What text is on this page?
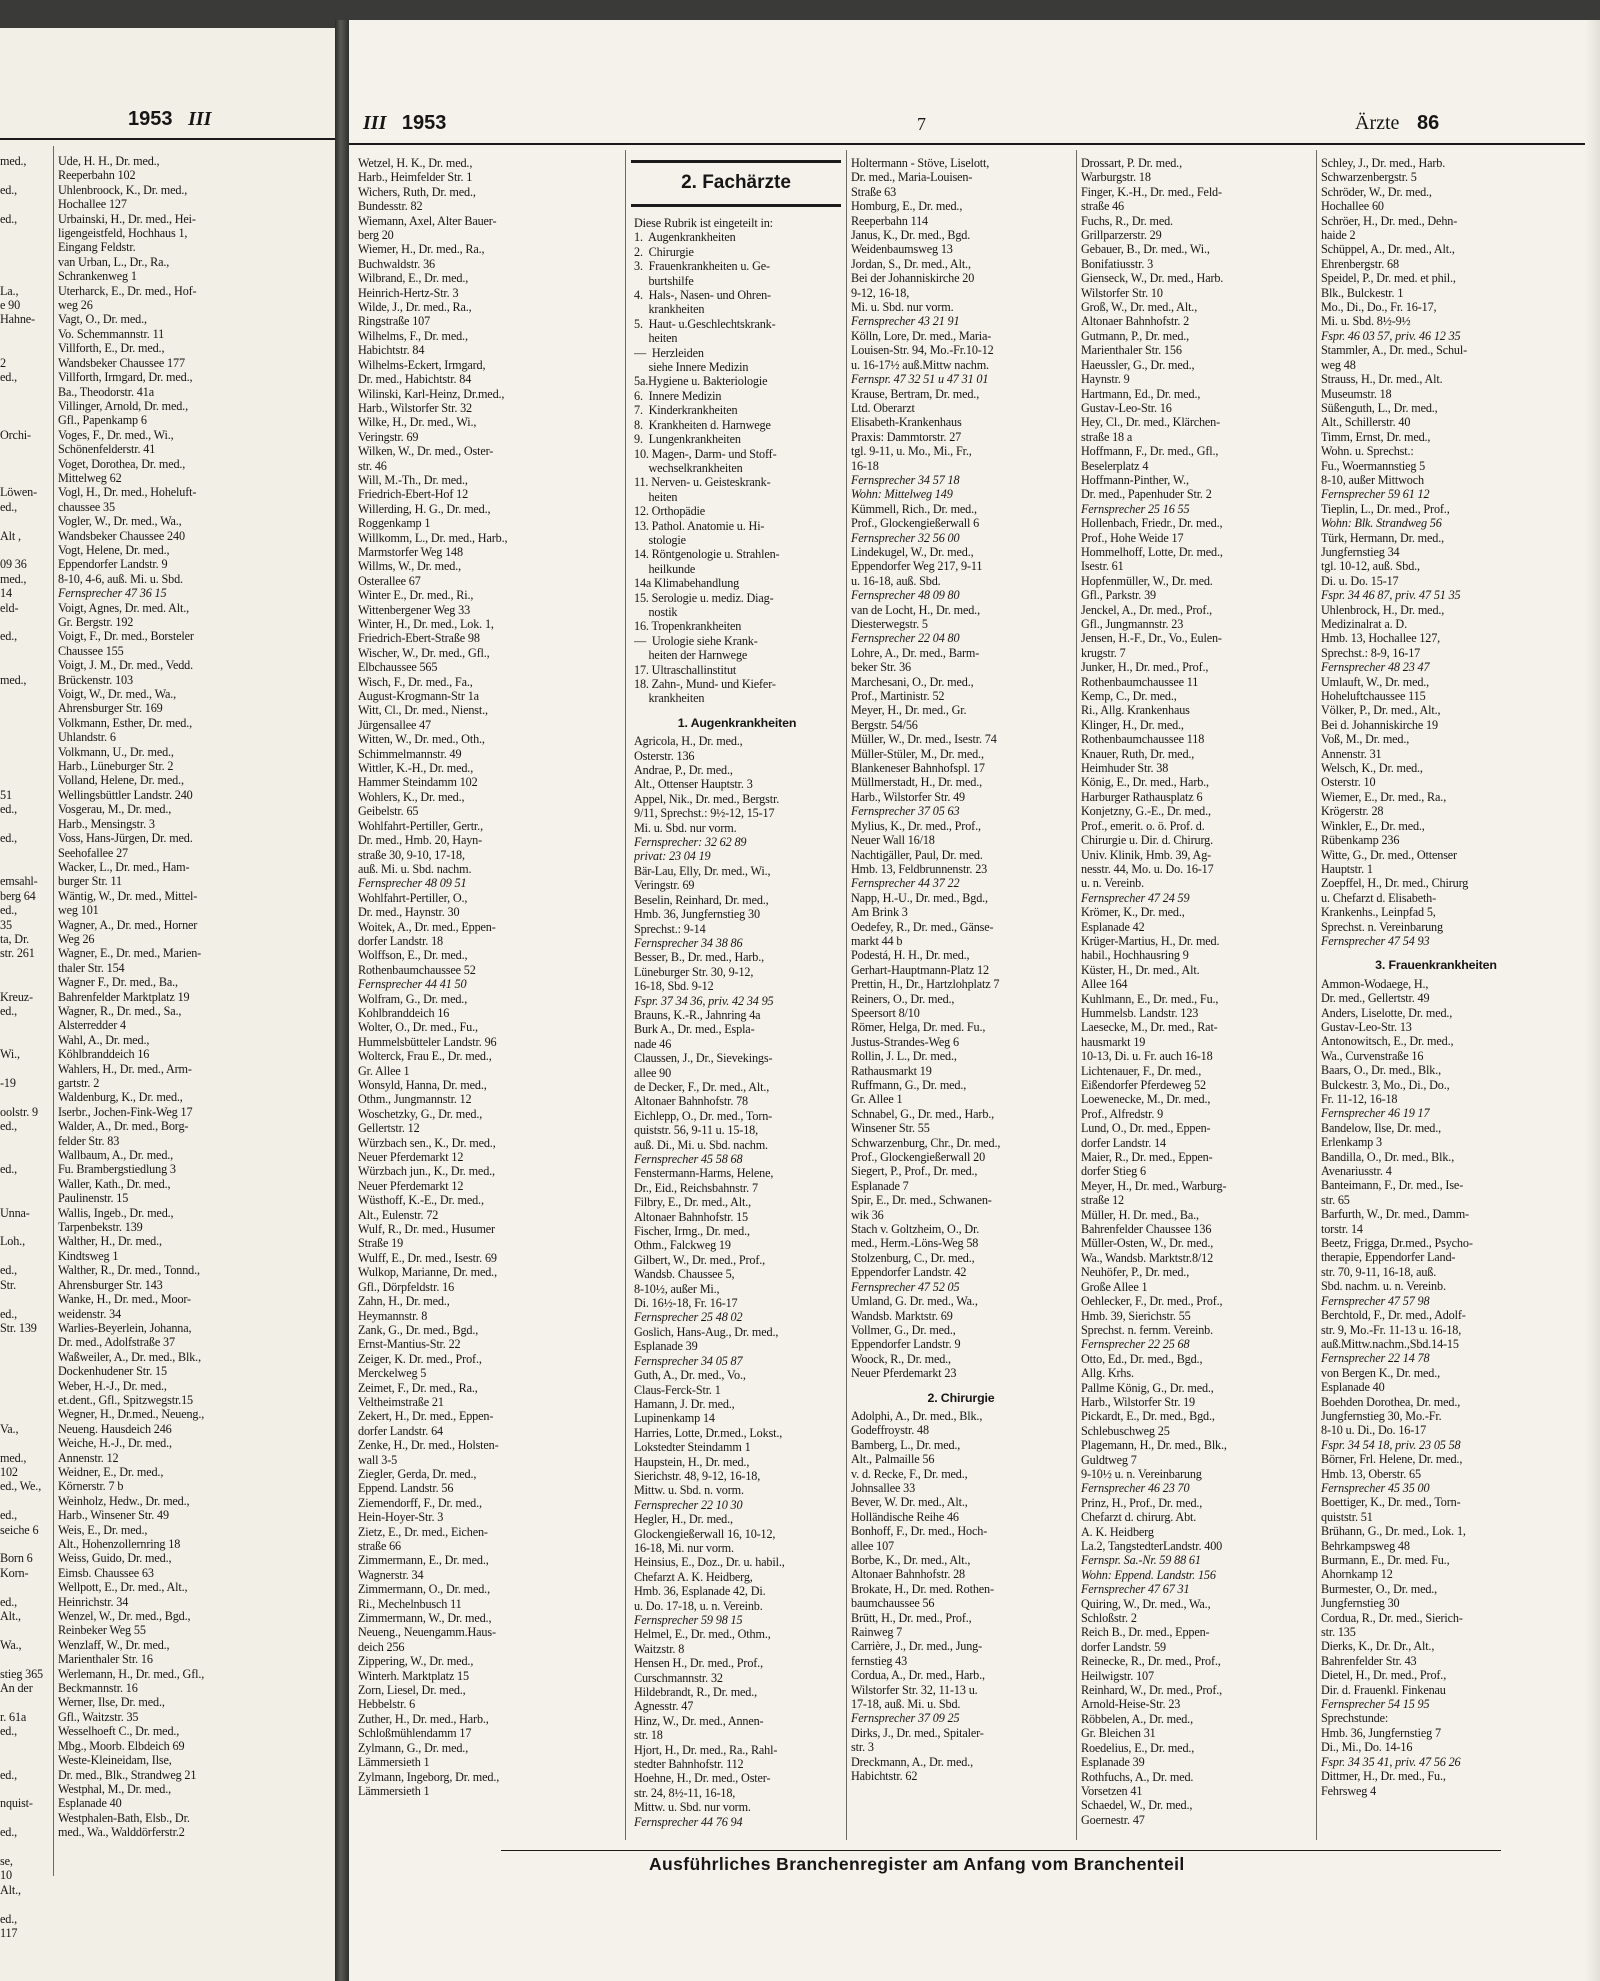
1953 III
med.,

ed.,

ed.,

La.,
e 90
Hahne-

2
ed.,

Orchi-

Löwen-
ed.,

Alt ,

09 36
med.,
14
eld-

ed.,

med.,

51
ed.,

ed.,

emsahl-
berg 64
ed.,
35
ta, Dr.
str. 261

Kreuz-
ed.,

Wi.,

-19

oolstr. 9
ed.,

ed.,

Unna-

Loh.,

ed.,
Str.

ed.,
Str. 139

Va.,

med.,
102
ed., We.,

ed.,
seiche 6

Born 6
Korn-

ed.,
Alt.,

Wa.,

stieg 365
An der

r. 61a
ed.,

ed.,

nquist-

ed.,

se,
10
Alt.,

ed.,
117
Ude, H. H., Dr. med.,
Reeperbahn 102
Uhlenbroock, K., Dr. med.,
Hochallee 127
Urbainski, H., Dr. med., Hei-
ligengeistfeld, Hochhaus 1,
Eingang Feldstr.
van Urban, L., Dr., Ra.,
Schrankenweg 1
Uterharck, E., Dr. med., Hof-
weg 26
Vagt, O., Dr. med.,
Vo. Schemmannstr. 11
Villforth, E., Dr. med.,
Wandsbeker Chaussee 177
Villforth, Irmgard, Dr. med.,
Ba., Theodorstr. 41a
Villinger, Arnold, Dr. med.,
Gfl., Papenkamp 6
Voges, F., Dr. med., Wi.,
Schönenfelderstr. 41
Voget, Dorothea, Dr. med.,
Mittelweg 62
Vogl, H., Dr. med., Hoheluft-
chaussee 35
Vogler, W., Dr. med., Wa.,
Wandsbeker Chaussee 240
Vogt, Helene, Dr. med.,
Eppendorfer Landstr. 9
8-10, 4-6, auß. Mi. u. Sbd.
Fernsprecher 47 36 15
Voigt, Agnes, Dr. med. Alt.,
Gr. Bergstr. 192
Voigt, F., Dr. med., Borsteler
Chaussee 155
Voigt, J. M., Dr. med., Vedd.
Brückenstr. 103
Voigt, W., Dr. med., Wa.,
Ahrensburger Str. 169
Volkmann, Esther, Dr. med.,
Uhlandstr. 6
Volkmann, U., Dr. med.,
Harb., Lüneburger Str. 2
Volland, Helene, Dr. med.,
Wellingsbüttler Landstr. 240
Vosgerau, M., Dr. med.,
Harb., Mensingstr. 3
Voss, Hans-Jürgen, Dr. med.
Seehofallee 27
Wacker, L., Dr. med., Ham-
burger Str. 11
Wäntig, W., Dr. med., Mittel-
weg 101
Wagner, A., Dr. med., Horner
Weg 26
Wagner, E., Dr. med., Marien-
thaler Str. 154
Wagner F., Dr. med., Ba.,
Bahrenfelder Marktplatz 19
Wagner, R., Dr. med., Sa.,
Alsterredder 4
Wahl, A., Dr. med.,
Köhlbranddeich 16
Wahlers, H., Dr. med., Arm-
gartstr. 2
Waldenburg, K., Dr. med.,
Iserbr., Jochen-Fink-Weg 17
Walder, A., Dr. med., Borg-
felder Str. 83
Wallbaum, A., Dr. med.,
Fu. Brambergstiedlung 3
Waller, Kath., Dr. med.,
Paulinenstr. 15
Wallis, Ingeb., Dr. med.,
Tarpenbekstr. 139
Walther, H., Dr. med.,
Kindtsweg 1
Walther, R., Dr. med., Tonnd.,
Ahrensburger Str. 143
Wanke, H., Dr. med., Moor-
weidenstr. 34
Warlies-Beyerlein, Johanna,
Dr. med., Adolfstraße 37
Waßweiler, A., Dr. med., Blk.,
Dockenhudener Str. 15
Weber, H.-J., Dr. med.,
et.dent., Gfl., Spitzwegstr.15
Wegner, H., Dr.med., Neueng.,
Neueng. Hausdeich 246
Weiche, H.-J., Dr. med.,
Annenstr. 12
Weidner, E., Dr. med.,
Körnerstr. 7 b
Weinholz, Hedw., Dr. med.,
Harb., Winsener Str. 49
Weis, E., Dr. med.,
Alt., Hohenzollernring 18
Weiss, Guido, Dr. med.,
Eimsb. Chaussee 63
Wellpott, E., Dr. med., Alt.,
Heinrichstr. 34
Wenzel, W., Dr. med., Bgd.,
Reinbeker Weg 55
Wenzlaff, W., Dr. med.,
Marienthaler Str. 16
Werlemann, H., Dr. med., Gfl.,
Beckmannstr. 16
Werner, Ilse, Dr. med.,
Gfl., Waitzstr. 35
Wesselhoeft C., Dr. med.,
Mbg., Moorb. Elbdeich 69
Weste-Kleineidam, Ilse,
Dr. med., Blk., Strandweg 21
Westphal, M., Dr. med.,
Esplanade 40
Westphalen-Bath, Elsb., Dr.
med., Wa., Walddörferstr.2
III 1953	7	Ärzte 86
Wetzel, H. K., Dr. med.,
Harb., Heimfelder Str. 1
Wichers, Ruth, Dr. med.,
Bundesstr. 82
Wiemann, Axel, Alter Bauer-
berg 20
Wiemer, H., Dr. med., Ra.,
Buchwaldstr. 36
Wilbrand, E., Dr. med.,
Heinrich-Hertz-Str. 3
Wilde, J., Dr. med., Ra.,
Ringstraße 107
Wilhelms, F., Dr. med.,
Habichtstr. 84
Wilhelms-Eckert, Irmgard,
Dr. med., Habichtstr. 84
Wilinski, Karl-Heinz, Dr.med.,
Harb., Wilstorfer Str. 32
Wilke, H., Dr. med., Wi.,
Veringstr. 69
Wilken, W., Dr. med., Oster-
str. 46
Will, M.-Th., Dr. med.,
Friedrich-Ebert-Hof 12
Willerding, H. G., Dr. med.,
Roggenkamp 1
Willkomm, L., Dr. med., Harb.,
Marmstorfer Weg 148
Willms, W., Dr. med.,
Osterallee 67
Winter E., Dr. med., Ri.,
Wittenbergener Weg 33
Winter, H., Dr. med., Lok. 1,
Friedrich-Ebert-Straße 98
Wischer, W., Dr. med., Gfl.,
Elbchaussee 565
Wisch, F., Dr. med., Fa.,
August-Krogmann-Str 1a
Witt, Cl., Dr. med., Nienst.,
Jürgensallee 47
Witten, W., Dr. med., Oth.,
Schimmelmannstr. 49
Wittler, K.-H., Dr. med.,
Hammer Steindamm 102
Wohlers, K., Dr. med.,
Geibelstr. 65
Wohlfahrt-Pertiller, Gertr.,
Dr. med., Hmb. 20, Hayn-
straße 30, 9-10, 17-18,
auß. Mi. u. Sbd. nachm.
Fernsprecher 48 09 51
Wohlfahrt-Pertiller, O.,
Dr. med., Haynstr. 30
Woitek, A., Dr. med., Eppen-
dorfer Landstr. 18
Wolffson, E., Dr. med.,
Rothenbaumchaussee 52
Fernsprecher 44 41 50
Wolfram, G., Dr. med.,
Kohlbranddeich 16
Wolter, O., Dr. med., Fu.,
Hummelsbütteler Landstr. 96
Wolterck, Frau E., Dr. med.,
Gr. Allee 1
Wonsyld, Hanna, Dr. med.,
Othm., Jungmannstr. 12
Woschetzky, G., Dr. med.,
Gellertstr. 12
Würzbach sen., K., Dr. med.,
Neuer Pferdemarkt 12
Würzbach jun., K., Dr. med.,
Neuer Pferdemarkt 12
Wüsthoff, K.-E., Dr. med.,
Alt., Eulenstr. 72
Wulf, R., Dr. med., Husumer
Straße 19
Wulff, E., Dr. med., Isestr. 69
Wulkop, Marianne, Dr. med.,
Gfl., Dörpfeldstr. 16
Zahn, H., Dr. med.,
Heymannstr. 8
Zank, G., Dr. med., Bgd.,
Ernst-Mantius-Str. 22
Zeiger, K. Dr. med., Prof.,
Merckelweg 5
Zeimet, F., Dr. med., Ra.,
Veltheimstraße 21
Zekert, H., Dr. med., Eppen-
dorfer Landstr. 64
Zenke, H., Dr. med., Holsten-
wall 3-5
Ziegler, Gerda, Dr. med.,
Eppend. Landstr. 56
Ziemendorff, F., Dr. med.,
Hein-Hoyer-Str. 3
Zietz, E., Dr. med., Eichen-
straße 66
Zimmermann, E., Dr. med.,
Wagnerstr. 34
Zimmermann, O., Dr. med.,
Ri., Mechelnbusch 11
Zimmermann, W., Dr. med.,
Neueng., Neuengamm.Haus-
deich 256
Zippering, W., Dr. med.,
Winterh. Marktplatz 15
Zorn, Liesel, Dr. med.,
Hebbelstr. 6
Zuther, H., Dr. med., Harb.,
Schloßmühlendamm 17
Zylmann, G., Dr. med.,
Lämmersieth 1
Zylmann, Ingeborg, Dr. med.,
Lämmersieth 1
2. Fachärzte
Diese Rubrik ist eingeteilt in:
1.  Augenkrankheiten
2.  Chirurgie
3.  Frauenkrankheiten u. Ge-
burtshilfe
4.  Hals-, Nasen- und Ohren-
krankheiten
5.  Haut- u.Geschlechtskrank-
heiten
—  Herzleiden
siehe Innere Medizin
5a.Hygiene u. Bakteriologie
6.  Innere Medizin
7.  Kinderkrankheiten
8.  Krankheiten d. Harnwege
9.  Lungenkrankheiten
10. Magen-, Darm- und Stoff-
wechselkrankheiten
11. Nerven- u. Geisteskrank-
heiten
12. Orthopädie
13. Pathol. Anatomie u. Hi-
stologie
14. Röntgenologie u. Strahlen-
heilkunde
14a Klimabehandlung
15. Serologie u. mediz. Diag-
nostik
16. Tropenkrankheiten
—  Urologie siehe Krank-
heiten der Harnwege
17. Ultraschallinstitut
18. Zahn-, Mund- und Kiefer-
krankheiten
1. Augenkrankheiten
Agricola, H., Dr. med.,
Osterstr. 136
Andrae, P., Dr. med.,
Alt., Ottenser Hauptstr. 3
Appel, Nik., Dr. med., Bergstr.
9/11, Sprechst.: 9½-12, 15-17
Mi. u. Sbd. nur vorm.
Fernsprecher: 32 62 89
privat: 23 04 19
Bär-Lau, Elly, Dr. med., Wi.,
Veringstr. 69
Beselin, Reinhard, Dr. med.,
Hmb. 36, Jungfernstieg 30
Sprechst.: 9-14
Fernsprecher 34 38 86
Besser, B., Dr. med., Harb.,
Lüneburger Str. 30, 9-12,
16-18, Sbd. 9-12
Fspr. 37 34 36, priv. 42 34 95
Brauns, K.-R., Jahnring 4a
Burk A., Dr. med., Espla-
nade 46
Claussen, J., Dr., Sievekings-
allee 90
de Decker, F., Dr. med., Alt.,
Altonaer Bahnhofstr. 78
Eichlepp, O., Dr. med., Torn-
quiststr. 56, 9-11 u. 15-18,
auß. Di., Mi. u. Sbd. nachm.
Fernsprecher 45 58 68
Fenstermann-Harms, Helene,
Dr., Eid., Reichsbahnstr. 7
Filbry, E., Dr. med., Alt.,
Altonaer Bahnhofstr. 15
Fischer, Irmg., Dr. med.,
Othm., Falckweg 19
Gilbert, W., Dr. med., Prof.,
Wandsb. Chaussee 5,
8-10½, außer Mi.,
Di. 16½-18, Fr. 16-17
Fernsprecher 25 48 02
Goslich, Hans-Aug., Dr. med.,
Esplanade 39
Fernsprecher 34 05 87
Guth, A., Dr. med., Vo.,
Claus-Ferck-Str. 1
Hamann, J. Dr. med.,
Lupinenkamp 14
Harries, Lotte, Dr.med., Lokst.,
Lokstedter Steindamm 1
Haupstein, H., Dr. med.,
Sierichstr. 48, 9-12, 16-18,
Mittw. u. Sbd. n. vorm.
Fernsprecher 22 10 30
Hegler, H., Dr. med.,
Glockengießerwall 16, 10-12,
16-18, Mi. nur vorm.
Heinsius, E., Doz., Dr. u. habil.,
Chefarzt A. K. Heidberg,
Hmb. 36, Esplanade 42, Di.
u. Do. 17-18, u. n. Vereinb.
Fernsprecher 59 98 15
Helmel, E., Dr. med., Othm.,
Waitzstr. 8
Hensen H., Dr. med., Prof.,
Curschmannstr. 32
Hildebrandt, R., Dr. med.,
Agnesstr. 47
Hinz, W., Dr. med., Annen-
str. 18
Hjort, H., Dr. med., Ra., Rahl-
stedter Bahnhofstr. 112
Hoehne, H., Dr. med., Oster-
str. 24, 8½-11, 16-18,
Mittw. u. Sbd. nur vorm.
Fernsprecher 44 76 94
Holtermann - Stöve, Liselott,
Dr. med., Maria-Louisen-
Straße 63
Homburg, E., Dr. med.,
Reeperbahn 114
Janus, K., Dr. med., Bgd.
Weidenbaumsweg 13
Jordan, S., Dr. med., Alt.,
Bei der Johanniskirche 20
9-12, 16-18,
Mi. u. Sbd. nur vorm.
Fernsprecher 43 21 91
Kölln, Lore, Dr. med., Maria-
Louisen-Str. 94, Mo.-Fr.10-12
u. 16-17½ auß.Mittw nachm.
Fernspr. 47 32 51 u 47 31 01
Krause, Bertram, Dr. med.,
Ltd. Oberarzt
Elisabeth-Krankenhaus
Praxis: Dammtorstr. 27
tgl. 9-11, u. Mo., Mi., Fr.,
16-18
Fernsprecher 34 57 18
Wohn: Mittelweg 149
Kümmell, Rich., Dr. med.,
Prof., Glockengießerwall 6
Fernsprecher 32 56 00
Lindekugel, W., Dr. med.,
Eppendorfer Weg 217, 9-11
u. 16-18, auß. Sbd.
Fernsprecher 48 09 80
van de Locht, H., Dr. med.,
Diesterwegstr. 5
Fernsprecher 22 04 80
Lohre, A., Dr. med., Barm-
beker Str. 36
Marchesani, O., Dr. med.,
Prof., Martinistr. 52
Meyer, H., Dr. med., Gr.
Bergstr. 54/56
Müller, W., Dr. med., Isestr. 74
Müller-Stüler, M., Dr. med.,
Blankeneser Bahnhofspl. 17
Müllmerstadt, H., Dr. med.,
Harb., Wilstorfer Str. 49
Fernsprecher 37 05 63
Mylius, K., Dr. med., Prof.,
Neuer Wall 16/18
Nachtigäller, Paul, Dr. med.
Hmb. 13, Feldbrunnenstr. 23
Fernsprecher 44 37 22
Napp, H.-U., Dr. med., Bgd.,
Am Brink 3
Oedefey, R., Dr. med., Gänse-
markt 44 b
Podestá, H. H., Dr. med.,
Gerhart-Hauptmann-Platz 12
Prettin, H., Dr., Hartzlohplatz 7
Reiners, O., Dr. med.,
Speersort 8/10
Römer, Helga, Dr. med. Fu.,
Justus-Strandes-Weg 6
Rollin, J. L., Dr. med.,
Rathausmarkt 19
Ruffmann, G., Dr. med.,
Gr. Allee 1
Schnabel, G., Dr. med., Harb.,
Winsener Str. 55
Schwarzenburg, Chr., Dr. med.,
Prof., Glockengießerwall 20
Siegert, P., Prof., Dr. med.,
Esplanade 7
Spir, E., Dr. med., Schwanen-
wik 36
Stach v. Goltzheim, O., Dr.
med., Herm.-Löns-Weg 58
Stolzenburg, C., Dr. med.,
Eppendorfer Landstr. 42
Fernsprecher 47 52 05
Umland, G. Dr. med., Wa.,
Wandsb. Marktstr. 69
Vollmer, G., Dr. med.,
Eppendorfer Landstr. 9
Woock, R., Dr. med.,
Neuer Pferdemarkt 23
2. Chirurgie
Adolphi, A., Dr. med., Blk.,
Godeffroystr. 48
Bamberg, L., Dr. med.,
Alt., Palmaille 56
v. d. Recke, F., Dr. med.,
Johnsallee 33
Bever, W. Dr. med., Alt.,
Holländische Reihe 46
Bonhoff, F., Dr. med., Hoch-
allee 107
Borbe, K., Dr. med., Alt.,
Altonaer Bahnhofstr. 28
Brokate, H., Dr. med. Rothen-
baumchaussee 56
Brütt, H., Dr. med., Prof.,
Rainweg 7
Carrière, J., Dr. med., Jung-
fernstieg 43
Cordua, A., Dr. med., Harb.,
Wilstorfer Str. 32, 11-13 u.
17-18, auß. Mi. u. Sbd.
Fernsprecher 37 09 25
Dirks, J., Dr. med., Spitaler-
str. 3
Dreckmann, A., Dr. med.,
Habichtstr. 62
Drossart, P. Dr. med.,
Warburgstr. 18
Finger, K.-H., Dr. med., Feld-
straße 46
Fuchs, R., Dr. med.
Grillparzerstr. 29
Gebauer, B., Dr. med., Wi.,
Bonifatiusstr. 3
Gienseck, W., Dr. med., Harb.
Wilstorfer Str. 10
Groß, W., Dr. med., Alt.,
Altonaer Bahnhofstr. 2
Gutmann, P., Dr. med.,
Marienthaler Str. 156
Haeussler, G., Dr. med.,
Haynstr. 9
Hartmann, Ed., Dr. med.,
Gustav-Leo-Str. 16
Hey, Cl., Dr. med., Klärchen-
straße 18 a
Hoffmann, F., Dr. med., Gfl.,
Beselerplatz 4
Hoffmann-Pinther, W.,
Dr. med., Papenhuder Str. 2
Fernsprecher 25 16 55
Hollenbach, Friedr., Dr. med.,
Prof., Hohe Weide 17
Hommelhoff, Lotte, Dr. med.,
Isestr. 61
Hopfenmüller, W., Dr. med.
Gfl., Parkstr. 39
Jenckel, A., Dr. med., Prof.,
Gfl., Jungmannstr. 23
Jensen, H.-F., Dr., Vo., Eulen-
krugstr. 7
Junker, H., Dr. med., Prof.,
Rothenbaumchaussee 11
Kemp, C., Dr. med.,
Ri., Allg. Krankenhaus
Klinger, H., Dr. med.,
Rothenbaumchaussee 118
Knauer, Ruth, Dr. med.,
Heimhuder Str. 38
König, E., Dr. med., Harb.,
Harburger Rathausplatz 6
Konjetzny, G.-E., Dr. med.,
Prof., emerit. o. ö. Prof. d.
Chirurgie u. Dir. d. Chirurg.
Univ. Klinik, Hmb. 39, Ag-
nesstr. 44, Mo. u. Do. 16-17
u. n. Vereinb.
Fernsprecher 47 24 59
Krömer, K., Dr. med.,
Esplanade 42
Krüger-Martius, H., Dr. med.
habil., Hochhausring 9
Küster, H., Dr. med., Alt.
Allee 164
Kuhlmann, E., Dr. med., Fu.,
Hummelsb. Landstr. 123
Laesecke, M., Dr. med., Rat-
hausmarkt 19
10-13, Di. u. Fr. auch 16-18
Lichtenauer, F., Dr. med.,
Eißendorfer Pferdeweg 52
Loewenecke, M., Dr. med.,
Prof., Alfredstr. 9
Lund, O., Dr. med., Eppen-
dorfer Landstr. 14
Maier, R., Dr. med., Eppen-
dorfer Stieg 6
Meyer, H., Dr. med., Warburg-
straße 12
Müller, H. Dr. med., Ba.,
Bahrenfelder Chaussee 136
Müller-Osten, W., Dr. med.,
Wa., Wandsb. Marktstr.8/12
Neuhöfer, P., Dr. med.,
Große Allee 1
Oehlecker, F., Dr. med., Prof.,
Hmb. 39, Sierichstr. 55
Sprechst. n. fernm. Vereinb.
Fernsprecher 22 25 68
Otto, Ed., Dr. med., Bgd.,
Allg. Krhs.
Pallme König, G., Dr. med.,
Harb., Wilstorfer Str. 19
Pickardt, E., Dr. med., Bgd.,
Schlebuschweg 25
Plagemann, H., Dr. med., Blk.,
Guldtweg 7
9-10½ u. n. Vereinbarung
Fernsprecher 46 23 70
Prinz, H., Prof., Dr. med.,
Chefarzt d. chirurg. Abt.
A. K. Heidberg
La.2, TangstedterLandstr. 400
Fernspr. Sa.-Nr. 59 88 61
Wohn: Eppend. Landstr. 156
Fernsprecher 47 67 31
Quiring, W., Dr. med., Wa.,
Schloßstr. 2
Reich B., Dr. med., Eppen-
dorfer Landstr. 59
Reinecke, R., Dr. med., Prof.,
Heilwigstr. 107
Reinhard, W., Dr. med., Prof.,
Arnold-Heise-Str. 23
Röbbelen, A., Dr. med.,
Gr. Bleichen 31
Roedelius, E., Dr. med.,
Esplanade 39
Rothfuchs, A., Dr. med.
Vorsetzen 41
Schaedel, W., Dr. med.,
Goernestr. 47
Schley, J., Dr. med., Harb.
Schwarzenbergstr. 5
Schröder, W., Dr. med.,
Hochallee 60
Schröer, H., Dr. med., Dehn-
haide 2
Schüppel, A., Dr. med., Alt.,
Ehrenbergstr. 68
Speidel, P., Dr. med. et phil.,
Blk., Bulckestr. 1
Mo., Di., Do., Fr. 16-17,
Mi. u. Sbd. 8½-9½
Fspr. 46 03 57, priv. 46 12 35
Stammler, A., Dr. med., Schul-
weg 48
Strauss, H., Dr. med., Alt.
Museumstr. 18
Süßenguth, L., Dr. med.,
Alt., Schillerstr. 40
Timm, Ernst, Dr. med.,
Wohn. u. Sprechst.:
Fu., Woermannstieg 5
8-10, außer Mittwoch
Fernsprecher 59 61 12
Tieplin, L., Dr. med., Prof.,
Wohn: Blk. Strandweg 56
Türk, Hermann, Dr. med.,
Jungfernstieg 34
tgl. 10-12, auß. Sbd.,
Di. u. Do. 15-17
Fspr. 34 46 87, priv. 47 51 35
Uhlenbrock, H., Dr. med.,
Medizinalrat a. D.
Hmb. 13, Hochallee 127,
Sprechst.: 8-9, 16-17
Fernsprecher 48 23 47
Umlauft, W., Dr. med.,
Hoheluftchaussee 115
Völker, P., Dr. med., Alt.,
Bei d. Johanniskirche 19
Voß, M., Dr. med.,
Annenstr. 31
Welsch, K., Dr. med.,
Osterstr. 10
Wiemer, E., Dr. med., Ra.,
Krögerstr. 28
Winkler, E., Dr. med.,
Rübenkamp 236
Witte, G., Dr. med., Ottenser
Hauptstr. 1
Zoepffel, H., Dr. med., Chirurg
u. Chefarzt d. Elisabeth-
Krankenhs., Leinpfad 5,
Sprechst. n. Vereinbarung
Fernsprecher 47 54 93
3. Frauenkrankheiten
Ammon-Wodaege, H.,
Dr. med., Gellertstr. 49
Anders, Liselotte, Dr. med.,
Gustav-Leo-Str. 13
Antonowitsch, E., Dr. med.,
Wa., Curvenstraße 16
Baars, O., Dr. med., Blk.,
Bulckestr. 3, Mo., Di., Do.,
Fr. 11-12, 16-18
Fernsprecher 46 19 17
Bandelow, Ilse, Dr. med.,
Erlenkamp 3
Bandilla, O., Dr. med., Blk.,
Avenariusstr. 4
Banteimann, F., Dr. med., Ise-
str. 65
Barfurth, W., Dr. med., Damm-
torstr. 14
Beetz, Frigga, Dr.med., Psycho-
therapie, Eppendorfer Land-
str. 70, 9-11, 16-18, auß.
Sbd. nachm. u. n. Vereinb.
Fernsprecher 47 57 98
Berchtold, F., Dr. med., Adolf-
str. 9, Mo.-Fr. 11-13 u. 16-18,
auß.Mittw.nachm.,Sbd.14-15
Fernsprecher 22 14 78
von Bergen K., Dr. med.,
Esplanade 40
Boehden Dorothea, Dr. med.,
Jungfernstieg 30, Mo.-Fr.
8-10 u. Di., Do. 16-17
Fspr. 34 54 18, priv. 23 05 58
Börner, Frl. Helene, Dr. med.,
Hmb. 13, Oberstr. 65
Fernsprecher 45 35 00
Boettiger, K., Dr. med., Torn-
quiststr. 51
Brühann, G., Dr. med., Lok. 1,
Behrkampsweg 48
Burmann, E., Dr. med. Fu.,
Ahornkamp 12
Burmester, O., Dr. med.,
Jungfernstieg 30
Cordua, R., Dr. med., Sierich-
str. 135
Dierks, K., Dr. Dr., Alt.,
Bahrenfelder Str. 43
Dietel, H., Dr. med., Prof.,
Dir. d. Frauenkl. Finkenau
Fernsprecher 54 15 95
Sprechstunde:
Hmb. 36, Jungfernstieg 7
Di., Mi., Do. 14-16
Fspr. 34 35 41, priv. 47 56 26
Dittmer, H., Dr. med., Fu.,
Fehrsweg 4
Ausführliches Branchenregister am Anfang vom Branchenteil
